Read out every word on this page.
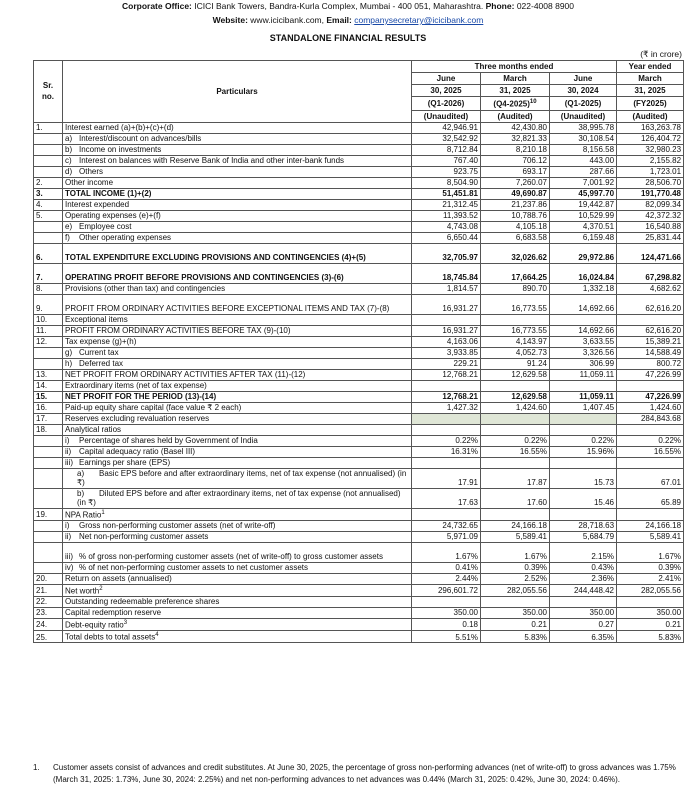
Corporate Office: ICICI Bank Towers, Bandra-Kurla Complex, Mumbai - 400 051, Maharashtra. Phone: 022-4008 8900
Website: www.icicibank.com, Email: companysecretary@icicibank.com
STANDALONE FINANCIAL RESULTS
(₹ in crore)
Sr. no.	Particulars	Three months ended			Year ended
		June	March	June	March
		30, 2025	31, 2025	30, 2024	31, 2025
		(Q1-2026)	$(Q4-2025)^{10}$	(Q1-2025)	(FY2025)
		(Unaudited)	(Audited)	(Unaudited)	(Audited)
1.	Interest earned (a)+(b)+(c)+(d)	42,946.91	42,430.80	38,995.78	163,263.78
	a) Interest/discount on advances/bills	32,542.92	32,821.33	30,108.54	126,404.72
	b) Income on investments	8,712.84	8,210.18	8,156.58	32,980.23
	c) Interest on balances with Reserve Bank of India and other inter-bank funds	767.40	706.12	443.00	2,155.82
	d) Others	923.75	693.17	287.66	1,723.01
2.	Other income	8,504.90	7,260.07	7,001.92	28,506.70
3.	TOTAL INCOME (1)+(2)	51,451.81	49,690.87	45,997.70	191,770.48
4.	Interest expended	21,312.45	21,237.86	19,442.87	82,099.34
5.	Operating expenses (e)+(f)	11,393.52	10,788.76	10,529.99	42,372.32
	e) Employee cost	4,743.08	4,105.18	4,370.51	16,540.88
	f) Other operating expenses	6,650.44	6,683.58	6,159.48	25,831.44
6.	TOTAL EXPENDITURE EXCLUDING PROVISIONS AND CONTINGENCIES (4)+(5)	32,705.97	32,026.62	29,972.86	124,471.66
7.	OPERATING PROFIT BEFORE PROVISIONS AND CONTINGENCIES (3)-(6)	18,745.84	17,664.25	16,024.84	67,298.82
8.	Provisions (other than tax) and contingencies	1,814.57	890.70	1,332.18	4,682.62
9.	PROFIT FROM ORDINARY ACTIVITIES BEFORE EXCEPTIONAL ITEMS AND TAX (7)-(8)	16,931.27	16,773.55	14,692.66	62,616.20
10.	Exceptional items				
11.	PROFIT FROM ORDINARY ACTIVITIES BEFORE TAX (9)-(10)	16,931.27	16,773.55	14,692.66	62,616.20
12.	Tax expense (g)+(h)	4,163.06	4,143.97	3,633.55	15,389.21
	g) Current tax	3,933.85	4,052.73	3,326.56	14,588.49
	h) Deferred tax	229.21	91.24	306.99	800.72
13.	NET PROFIT FROM ORDINARY ACTIVITIES AFTER TAX (11)-(12)	12,768.21	12,629.58	11,059.11	47,226.99
14.	Extraordinary items (net of tax expense)				
15.	NET PROFIT FOR THE PERIOD (13)-(14)	12,768.21	12,629.58	11,059.11	47,226.99
16.	Paid-up equity share capital (face value ₹ 2 each)	1,427.32	1,424.60	1,407.45	1,424.60
17.	Reserves excluding revaluation reserves				284,843.68
18.	Analytical ratios				
	i) Percentage of shares held by Government of India	0.22%	0.22%	0.22%	0.22%
	ii) Capital adequacy ratio (Basel III)	16.31%	16.55%	15.96%	16.55%
	iii) Earnings per share (EPS)				
	a) Basic EPS before and after extraordinary items, net of tax expense (not annualised) (in ₹)	17.91	17.87	15.73	67.01
	b) Diluted EPS before and after extraordinary items, net of tax expense (not annualised) (in ₹)	17.63	17.60	15.46	65.89
19.	NPA Ratio$^1$				
	i) Gross non-performing customer assets (net of write-off)	24,732.65	24,166.18	28,718.63	24,166.18
	ii) Net non-performing customer assets	5,971.09	5,589.41	5,684.79	5,589.41
	iii) % of gross non-performing customer assets (net of write-off) to gross customer assets	1.67%	1.67%	2.15%	1.67%
	iv) % of net non-performing customer assets to net customer assets	0.41%	0.39%	0.43%	0.39%
20.	Return on assets (annualised)	2.44%	2.52%	2.36%	2.41%
21.	Net worth$^2$	296,601.72	282,055.56	244,448.42	282,055.56
22.	Outstanding redeemable preference shares				
23.	Capital redemption reserve	350.00	350.00	350.00	350.00
24.	Debt-equity ratio$^3$	0.18	0.21	0.27	0.21
25.	Total debts to total assets$^4$	5.51%	5.83%	6.35%	5.83%
1. Customer assets consist of advances and credit substitutes. At June 30, 2025, the percentage of gross non-performing advances (net of write-off) to gross advances was 1.75% (March 31, 2025: 1.73%, June 30, 2024: 2.25%) and net non-performing advances to net advances was 0.44% (March 31, 2025: 0.42%, June 30, 2024: 0.46%).
